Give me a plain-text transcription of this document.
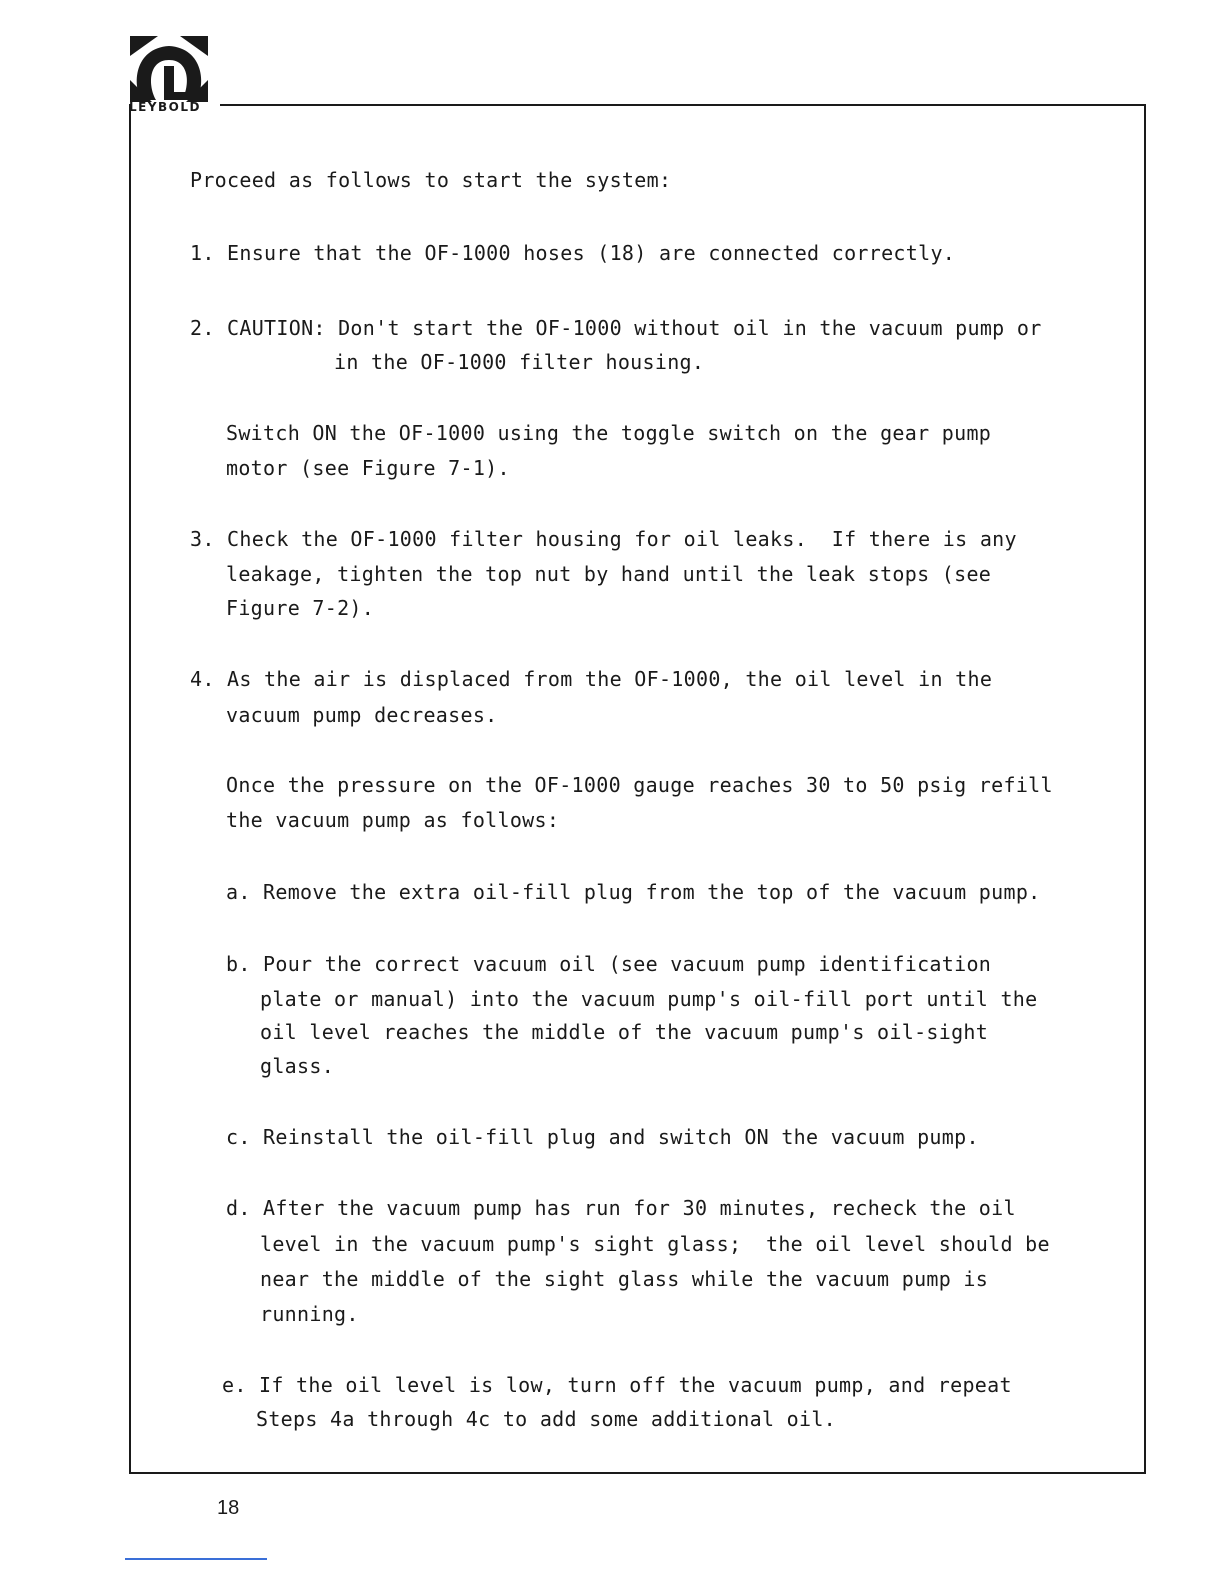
LEYBOLD
Proceed as follows to start the system:
1. Ensure that the OF-1000 hoses (18) are connected correctly.
2. CAUTION: Don't start the OF-1000 without oil in the vacuum pump or
in the OF-1000 filter housing.
Switch ON the OF-1000 using the toggle switch on the gear pump
motor (see Figure 7-1).
3. Check the OF-1000 filter housing for oil leaks.  If there is any
leakage, tighten the top nut by hand until the leak stops (see
Figure 7-2).
4. As the air is displaced from the OF-1000, the oil level in the
vacuum pump decreases.
Once the pressure on the OF-1000 gauge reaches 30 to 50 psig refill
the vacuum pump as follows:
a. Remove the extra oil-fill plug from the top of the vacuum pump.
b. Pour the correct vacuum oil (see vacuum pump identification
plate or manual) into the vacuum pump's oil-fill port until the
oil level reaches the middle of the vacuum pump's oil-sight
glass.
c. Reinstall the oil-fill plug and switch ON the vacuum pump.
d. After the vacuum pump has run for 30 minutes, recheck the oil
level in the vacuum pump's sight glass;  the oil level should be
near the middle of the sight glass while the vacuum pump is
running.
e. If the oil level is low, turn off the vacuum pump, and repeat
Steps 4a through 4c to add some additional oil.
18
